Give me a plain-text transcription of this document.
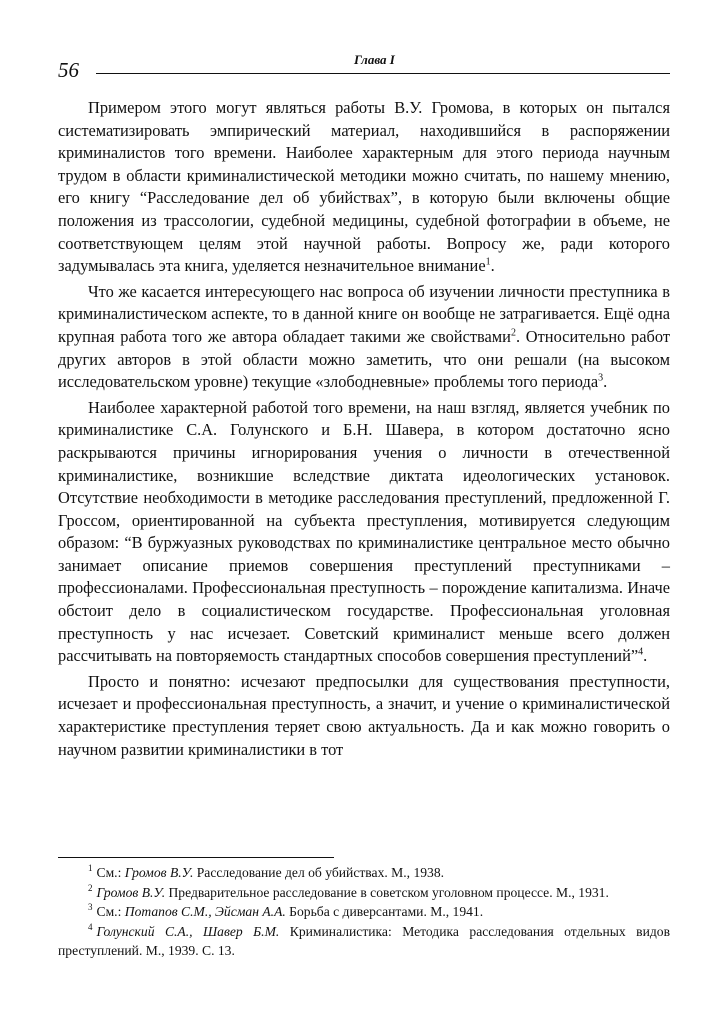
56	Глава I

Примером этого могут являться работы В.У. Громова, в которых он пытался систематизировать эмпирический материал, находившийся в распоряжении криминалистов того времени. Наиболее характерным для этого периода научным трудом в области криминалистической методики можно считать, по нашему мнению, его книгу “Расследование дел об убийствах”, в которую были включены общие положения из трассологии, судебной медицины, судебной фотографии в объеме, не соответствующем целям этой научной работы. Вопросу же, ради которого задумывалась эта книга, уделяется незначительное внимание$^1$.

Что же касается интересующего нас вопроса об изучении личности преступника в криминалистическом аспекте, то в данной книге он вообще не затрагивается. Ещё одна крупная работа того же автора обладает такими же свойствами$^2$. Относительно работ других авторов в этой области можно заметить, что они решали (на высоком исследовательском уровне) текущие «злободневные» проблемы того периода$^3$.

Наиболее характерной работой того времени, на наш взгляд, является учебник по криминалистике С.А. Голунского и Б.Н. Шавера, в котором достаточно ясно раскрываются причины игнорирования учения о личности в отечественной криминалистике, возникшие вследствие диктата идеологических установок. Отсутствие необходимости в методике расследования преступлений, предложенной Г. Гроссом, ориентированной на субъекта преступления, мотивируется следующим образом: “В буржуазных руководствах по криминалистике центральное место обычно занимает описание приемов совершения преступлений преступниками – профессионалами. Профессиональная преступность – порождение капитализма. Иначе обстоит дело в социалистическом государстве. Профессиональная уголовная преступность у нас исчезает. Советский криминалист меньше всего должен рассчитывать на повторяемость стандартных способов совершения преступлений”$^4$.

Просто и понятно: исчезают предпосылки для существования преступности, исчезает и профессиональная преступность, а значит, и учение о криминалистической характеристике преступления теряет свою актуальность. Да и как можно говорить о научном развитии криминалистики в тот

$^1$ См.: Громов В.У. Расследование дел об убийствах. М., 1938.

$^2$ Громов В.У. Предварительное расследование в советском уголовном процессе. М., 1931.

$^3$ См.: Потапов С.М., Эйсман А.А. Борьба с диверсантами. М., 1941.

$^4$ Голунский С.А., Шавер Б.М. Криминалистика: Методика расследования отдельных видов преступлений. М., 1939. С. 13.
